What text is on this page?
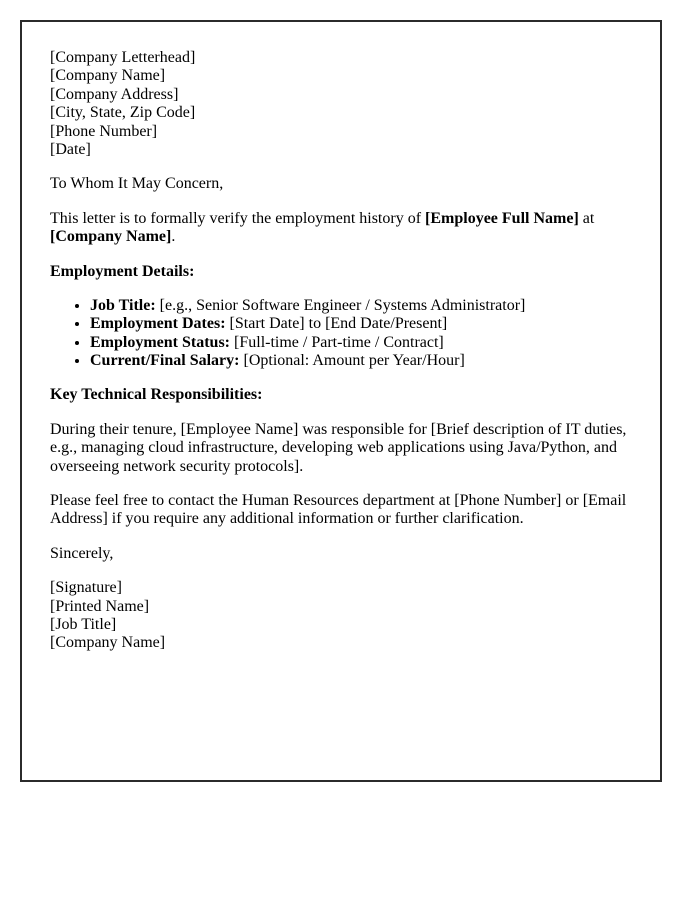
[Company Letterhead]
[Company Name]
[Company Address]
[City, State, Zip Code]
[Phone Number]
[Date]

To Whom It May Concern,

This letter is to formally verify the employment history of [Employee Full Name] at [Company Name].

Employment Details:

• Job Title: [e.g., Senior Software Engineer / Systems Administrator]
• Employment Dates: [Start Date] to [End Date/Present]
• Employment Status: [Full-time / Part-time / Contract]
• Current/Final Salary: [Optional: Amount per Year/Hour]

Key Technical Responsibilities:

During their tenure, [Employee Name] was responsible for [Brief description of IT duties, e.g., managing cloud infrastructure, developing web applications using Java/Python, and overseeing network security protocols].

Please feel free to contact the Human Resources department at [Phone Number] or [Email Address] if you require any additional information or further clarification.

Sincerely,

[Signature]
[Printed Name]
[Job Title]
[Company Name]
